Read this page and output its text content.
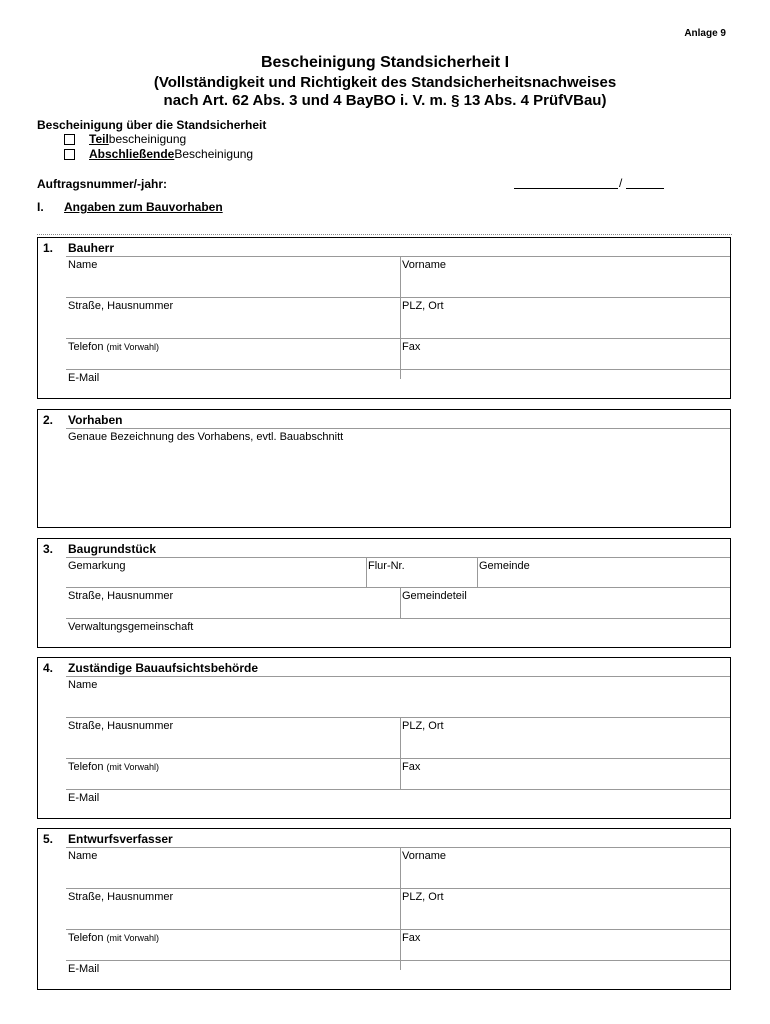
Anlage 9
Bescheinigung Standsicherheit I
(Vollständigkeit und Richtigkeit des Standsicherheitsnachweises
nach Art. 62 Abs. 3 und 4 BayBO i. V. m. § 13 Abs. 4 PrüfVBau)
Bescheinigung über die Standsicherheit
Teil bescheinigung
Abschließende Bescheinigung
Auftragsnummer/-jahr:	/
I. Angaben zum Bauvorhaben
1. Bauherr
Name	Vorname
Straße, Hausnummer	PLZ, Ort
Telefon (mit Vorwahl)	Fax
E-Mail
2. Vorhaben
Genaue Bezeichnung des Vorhabens, evtl. Bauabschnitt
3. Baugrundstück
Gemarkung	Flur-Nr.	Gemeinde
Straße, Hausnummer	Gemeindeteil
Verwaltungsgemeinschaft
4. Zuständige Bauaufsichtsbehörde
Name
Straße, Hausnummer	PLZ, Ort
Telefon (mit Vorwahl)	Fax
E-Mail
5. Entwurfsverfasser
Name	Vorname
Straße, Hausnummer	PLZ, Ort
Telefon (mit Vorwahl)	Fax
E-Mail
